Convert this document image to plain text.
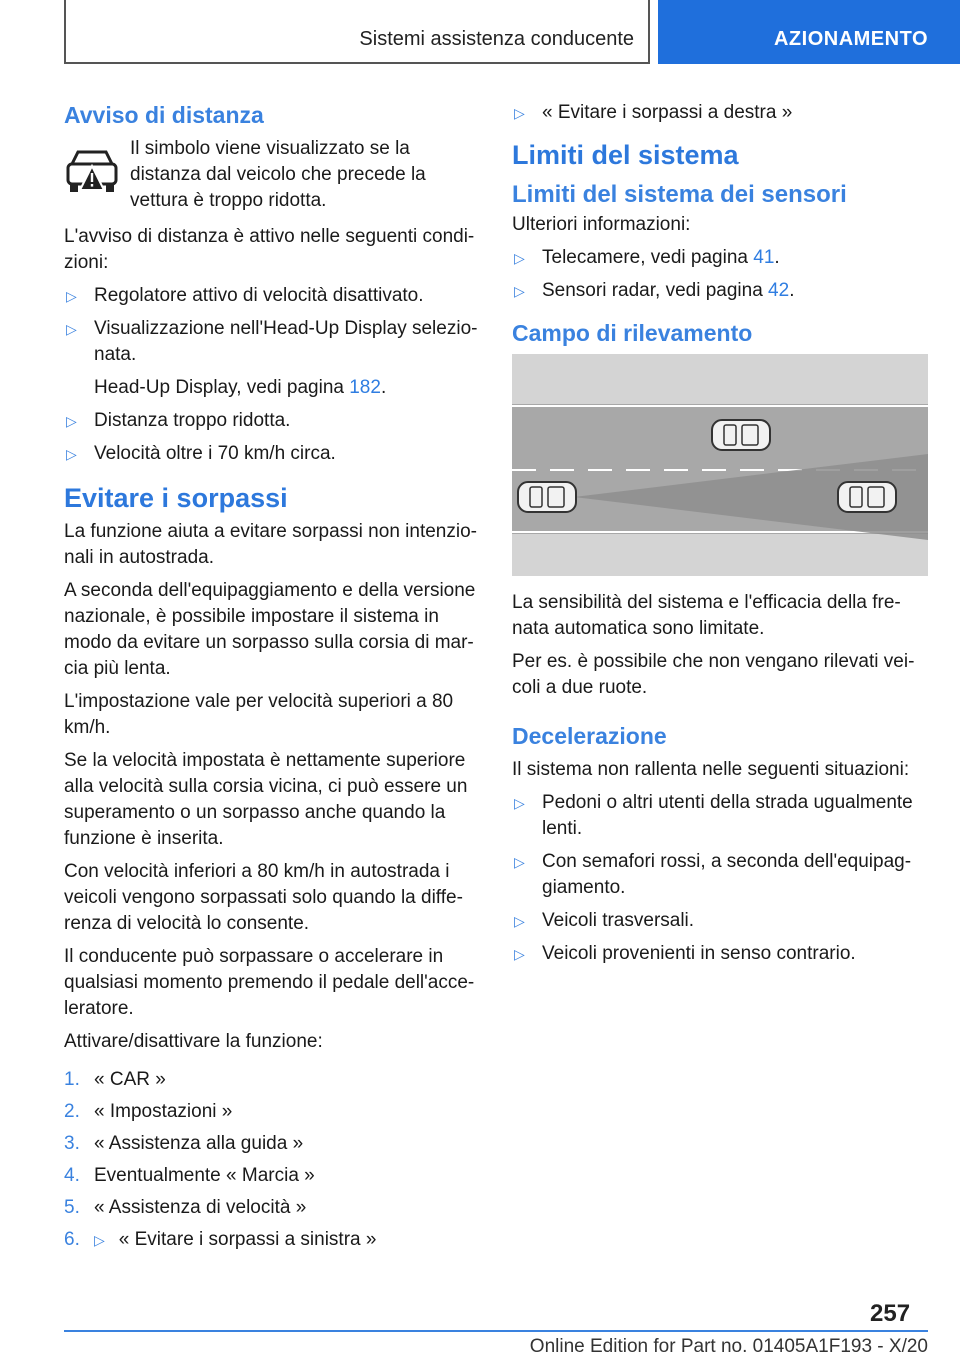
Sistemi assistenza conducente	AZIONAMENTO
Avviso di distanza

Il simbolo viene visualizzato se la distanza dal veicolo che precede la vettura è troppo ridotta.

L'avviso di distanza è attivo nelle seguenti condi‐zioni:

▷ Regolatore attivo di velocità disattivato.
▷ Visualizzazione nell'Head-Up Display selezio‐nata.

Head-Up Display, vedi pagina 182.

▷ Distanza troppo ridotta.
▷ Velocità oltre i 70 km/h circa.
Evitare i sorpassi

La funzione aiuta a evitare sorpassi non intenzio‐nali in autostrada.

A seconda dell'equipaggiamento e della versione nazionale, è possibile impostare il sistema in modo da evitare un sorpasso sulla corsia di mar‐cia più lenta.

L'impostazione vale per velocità superiori a 80 km/h.

Se la velocità impostata è nettamente superiore alla velocità sulla corsia vicina, ci può essere un superamento o un sorpasso anche quando la funzione è inserita.

Con velocità inferiori a 80 km/h in autostrada i veicoli vengono sorpassati solo quando la diffe‐renza di velocità lo consente.

Il conducente può sorpassare o accelerare in qualsiasi momento premendo il pedale dell'acce‐leratore.

Attivare/disattivare la funzione:

1. « CAR »
2. « Impostazioni »
3. « Assistenza alla guida »
4. Eventualmente « Marcia »
5. « Assistenza di velocità »
6. ▷ « Evitare i sorpassi a sinistra »
▷ « Evitare i sorpassi a destra »
Limiti del sistema
Limiti del sistema dei sensori

Ulteriori informazioni:

▷ Telecamere, vedi pagina 41.
▷ Sensori radar, vedi pagina 42.
Campo di rilevamento

La sensibilità del sistema e l'efficacia della fre‐nata automatica sono limitate.

Per es. è possibile che non vengano rilevati vei‐coli a due ruote.

Decelerazione

Il sistema non rallenta nelle seguenti situazioni:

▷ Pedoni o altri utenti della strada ugualmente lenti.
▷ Con semafori rossi, a seconda dell'equipag‐giamento.
▷ Veicoli trasversali.
▷ Veicoli provenienti in senso contrario.
257
Online Edition for Part no. 01405A1F193 - X/20
